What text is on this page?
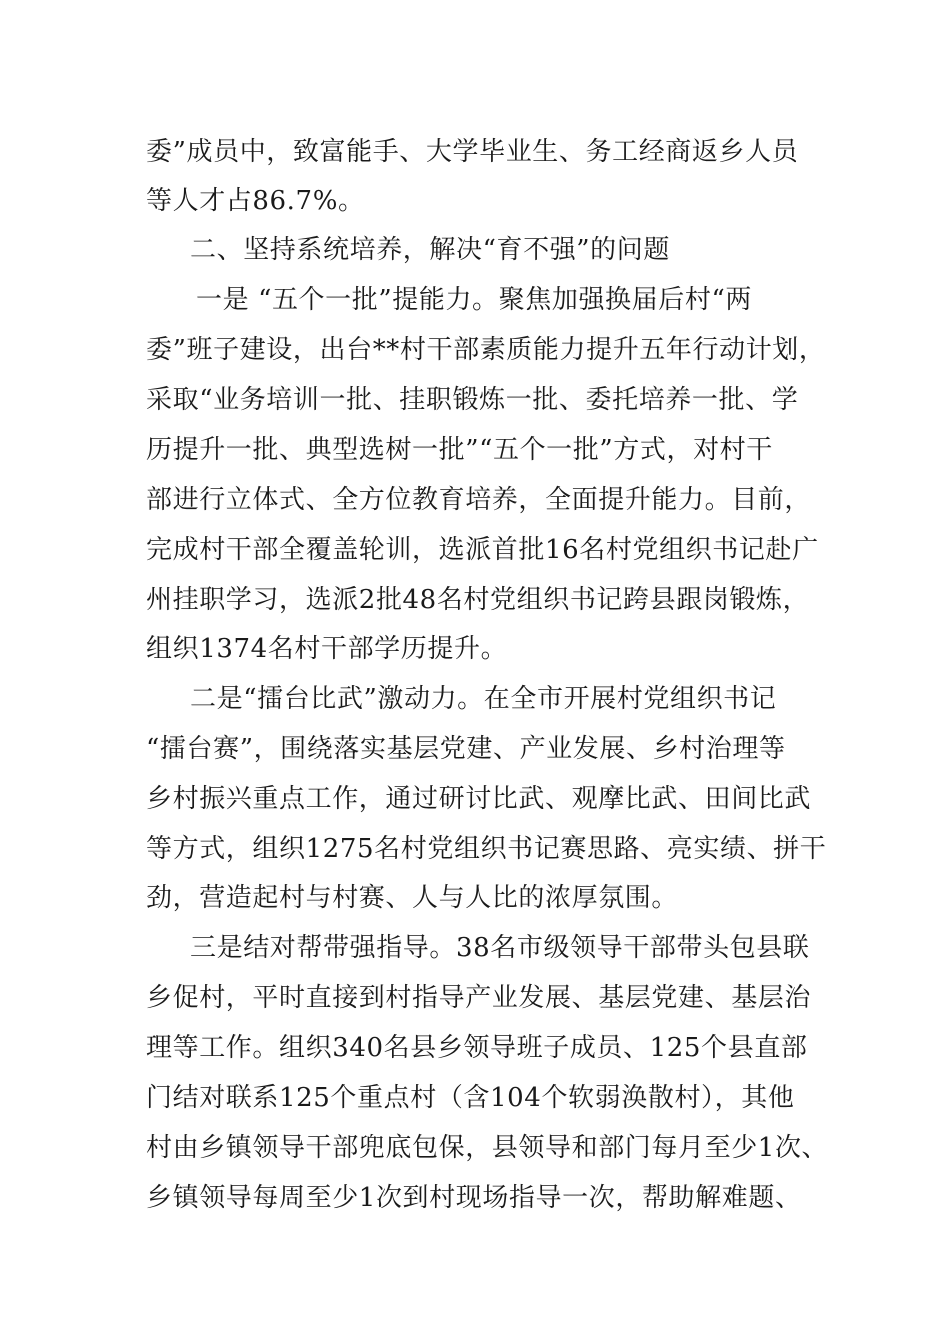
委”成员中，致富能手、大学毕业生、务工经商返乡人员
等人才占86.7%。
二、坚持系统培养，解决“育不强”的问题
一是 “五个一批”提能力。聚焦加强换届后村“两
委”班子建设，出台**村干部素质能力提升五年行动计划，
采取“业务培训一批、挂职锻炼一批、委托培养一批、学
历提升一批、典型选树一批”“五个一批”方式，对村干
部进行立体式、全方位教育培养，全面提升能力。目前，
完成村干部全覆盖轮训，选派首批16名村党组织书记赴广
州挂职学习，选派2批48名村党组织书记跨县跟岗锻炼，
组织1374名村干部学历提升。
二是“擂台比武”激动力。在全市开展村党组织书记
“擂台赛”，围绕落实基层党建、产业发展、乡村治理等
乡村振兴重点工作，通过研讨比武、观摩比武、田间比武
等方式，组织1275名村党组织书记赛思路、亮实绩、拼干
劲，营造起村与村赛、人与人比的浓厚氛围。
三是结对帮带强指导。38名市级领导干部带头包县联
乡促村，平时直接到村指导产业发展、基层党建、基层治
理等工作。组织340名县乡领导班子成员、125个县直部
门结对联系125个重点村（含104个软弱涣散村），其他
村由乡镇领导干部兜底包保，县领导和部门每月至少1次、
乡镇领导每周至少1次到村现场指导一次，帮助解难题、
